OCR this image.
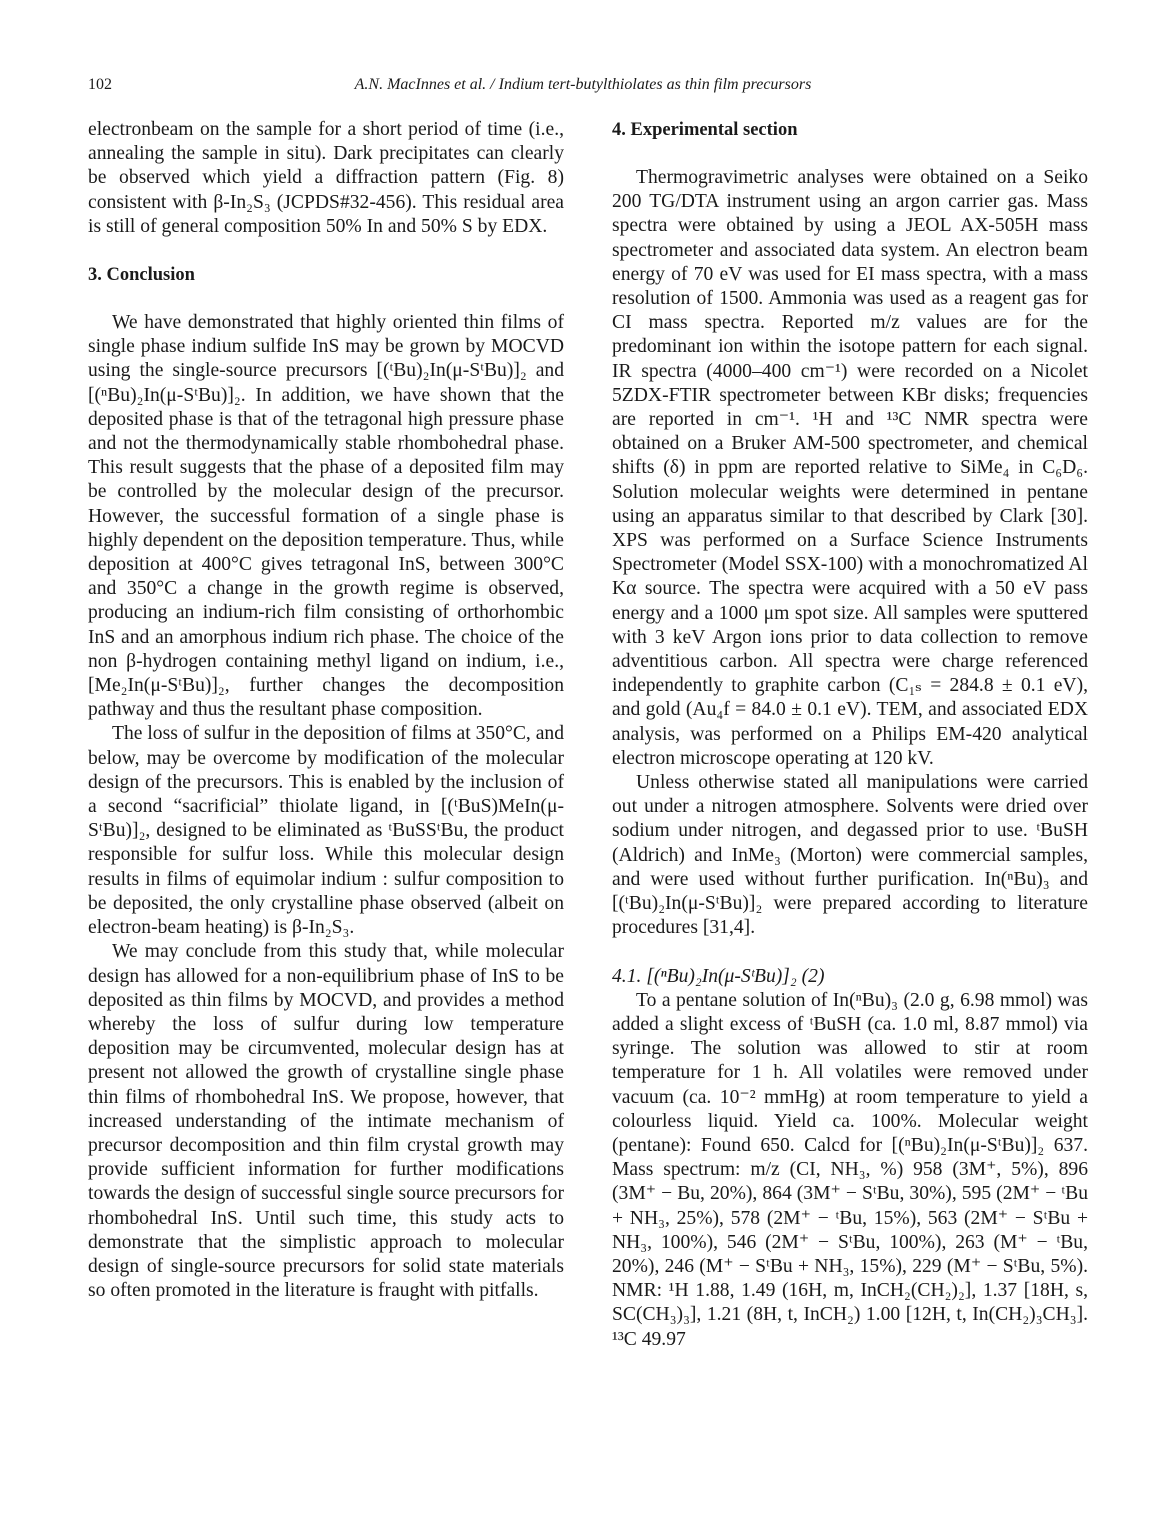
102	A.N. MacInnes et al. / Indium tert-butylthiolates as thin film precursors

electronbeam on the sample for a short period of time (i.e., annealing the sample in situ). Dark precipitates can clearly be observed which yield a diffraction pattern (Fig. 8) consistent with β-In₂S₃ (JCPDS#32-456). This residual area is still of general composition 50% In and 50% S by EDX.

3. Conclusion

We have demonstrated that highly oriented thin films of single phase indium sulfide InS may be grown by MOCVD using the single-source precursors [(ᵗBu)₂In(μ-SᵗBu)]₂ and [(ⁿBu)₂In(μ-SᵗBu)]₂. In addition, we have shown that the deposited phase is that of the tetragonal high pressure phase and not the thermodynamically stable rhombohedral phase. This result suggests that the phase of a deposited film may be controlled by the molecular design of the precursor. However, the successful formation of a single phase is highly dependent on the deposition temperature. Thus, while deposition at 400°C gives tetragonal InS, between 300°C and 350°C a change in the growth regime is observed, producing an indium-rich film consisting of orthorhombic InS and an amorphous indium rich phase. The choice of the non β-hydrogen containing methyl ligand on indium, i.e., [Me₂In(μ-SᵗBu)]₂, further changes the decomposition pathway and thus the resultant phase composition.

The loss of sulfur in the deposition of films at 350°C, and below, may be overcome by modification of the molecular design of the precursors. This is enabled by the inclusion of a second “sacrificial” thiolate ligand, in [(ᵗBuS)MeIn(μ-SᵗBu)]₂, designed to be eliminated as ᵗBuSSᵗBu, the product responsible for sulfur loss. While this molecular design results in films of equimolar indium : sulfur composition to be deposited, the only crystalline phase observed (albeit on electron-beam heating) is β-In₂S₃.

We may conclude from this study that, while molecular design has allowed for a non-equilibrium phase of InS to be deposited as thin films by MOCVD, and provides a method whereby the loss of sulfur during low temperature deposition may be circumvented, molecular design has at present not allowed the growth of crystalline single phase thin films of rhombohedral InS. We propose, however, that increased understanding of the intimate mechanism of precursor decomposition and thin film crystal growth may provide sufficient information for further modifications towards the design of successful single source precursors for rhombohedral InS. Until such time, this study acts to demonstrate that the simplistic approach to molecular design of single-source precursors for solid state materials so often promoted in the literature is fraught with pitfalls.

4. Experimental section

Thermogravimetric analyses were obtained on a Seiko 200 TG/DTA instrument using an argon carrier gas. Mass spectra were obtained by using a JEOL AX-505H mass spectrometer and associated data system. An electron beam energy of 70 eV was used for EI mass spectra, with a mass resolution of 1500. Ammonia was used as a reagent gas for CI mass spectra. Reported m/z values are for the predominant ion within the isotope pattern for each signal. IR spectra (4000–400 cm⁻¹) were recorded on a Nicolet 5ZDX-FTIR spectrometer between KBr disks; frequencies are reported in cm⁻¹. ¹H and ¹³C NMR spectra were obtained on a Bruker AM-500 spectrometer, and chemical shifts (δ) in ppm are reported relative to SiMe₄ in C₆D₆. Solution molecular weights were determined in pentane using an apparatus similar to that described by Clark [30]. XPS was performed on a Surface Science Instruments Spectrometer (Model SSX-100) with a monochromatized Al Kα source. The spectra were acquired with a 50 eV pass energy and a 1000 μm spot size. All samples were sputtered with 3 keV Argon ions prior to data collection to remove adventitious carbon. All spectra were charge referenced independently to graphite carbon (C₁ₛ = 284.8 ± 0.1 eV), and gold (Au₄f = 84.0 ± 0.1 eV). TEM, and associated EDX analysis, was performed on a Philips EM-420 analytical electron microscope operating at 120 kV.

Unless otherwise stated all manipulations were carried out under a nitrogen atmosphere. Solvents were dried over sodium under nitrogen, and degassed prior to use. ᵗBuSH (Aldrich) and InMe₃ (Morton) were commercial samples, and were used without further purification. In(ⁿBu)₃ and [(ᵗBu)₂In(μ-SᵗBu)]₂ were prepared according to literature procedures [31,4].

4.1. [(ⁿBu)₂In(μ-SᵗBu)]₂ (2)

To a pentane solution of In(ⁿBu)₃ (2.0 g, 6.98 mmol) was added a slight excess of ᵗBuSH (ca. 1.0 ml, 8.87 mmol) via syringe. The solution was allowed to stir at room temperature for 1 h. All volatiles were removed under vacuum (ca. 10⁻² mmHg) at room temperature to yield a colourless liquid. Yield ca. 100%. Molecular weight (pentane): Found 650. Calcd for [(ⁿBu)₂In(μ-SᵗBu)]₂ 637. Mass spectrum: m/z (CI, NH₃, %) 958 (3M⁺, 5%), 896 (3M⁺ − Bu, 20%), 864 (3M⁺ − SᵗBu, 30%), 595 (2M⁺ − ᵗBu + NH₃, 25%), 578 (2M⁺ − ᵗBu, 15%), 563 (2M⁺ − SᵗBu + NH₃, 100%), 546 (2M⁺ − SᵗBu, 100%), 263 (M⁺ − ᵗBu, 20%), 246 (M⁺ − SᵗBu + NH₃, 15%), 229 (M⁺ − SᵗBu, 5%). NMR: ¹H 1.88, 1.49 (16H, m, InCH₂(CH₂)₂], 1.37 [18H, s, SC(CH₃)₃], 1.21 (8H, t, InCH₂) 1.00 [12H, t, In(CH₂)₃CH₃]. ¹³C 49.97
